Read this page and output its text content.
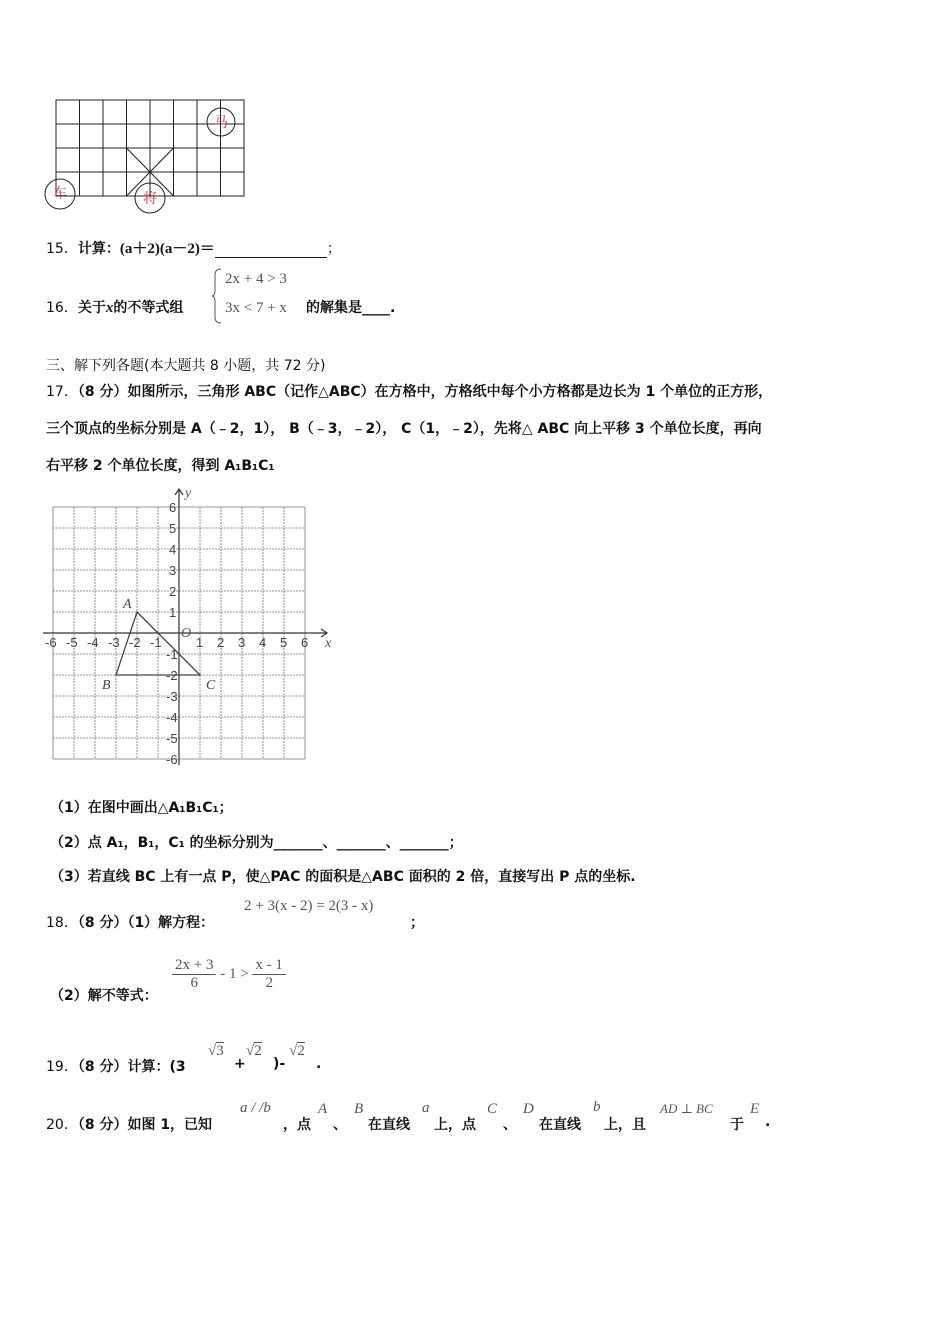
马
车	将
15．计算：(a＋2)(a－2)＝	；
16．关于x的不等式组
2x + 4 > 3
3x < 7 + x 的解集是____.
三、解下列各题(本大题共 8 小题，共 72 分)
17．（8 分）如图所示，三角形 ABC（记作△ABC）在方格中，方格纸中每个小方格都是边长为 1 个单位的正方形，
三个顶点的坐标分别是 A（﹣2，1）， B（﹣3，﹣2）， C（1，﹣2），先将△ ABC 向上平移 3 个单位长度，再向
右平移 2 个单位长度，得到 A₁B₁C₁
x
y
O
-6 -5 -4 -3 -2 -1	1 2 3 4 5 6
6
5
4
3
2
1
-1
-2
-3
-4
-5
-6
A
B	C
（1）在图中画出△A₁B₁C₁；
（2）点 A₁，B₁，C₁ 的坐标分别为_______、_______、_______；
（3）若直线 BC 上有一点 P，使△PAC 的面积是△ABC 面积的 2 倍，直接写出 P 点的坐标.
18．（8 分）（1）解方程：
2 + 3(x - 2) = 2(3 - x)
；
（2）解不等式：
$\frac{2x + 3}{6} - 1 > \frac{x - 1}{2}$
19．（8 分）计算：(3
√3
+
√2
)-
√2
.
20．（8 分）如图 1，已知
a / /b
，点
A
、
B
在直线
a
上，点
C
、
D
在直线
b
上，且
AD ⊥ BC
于
E
.
